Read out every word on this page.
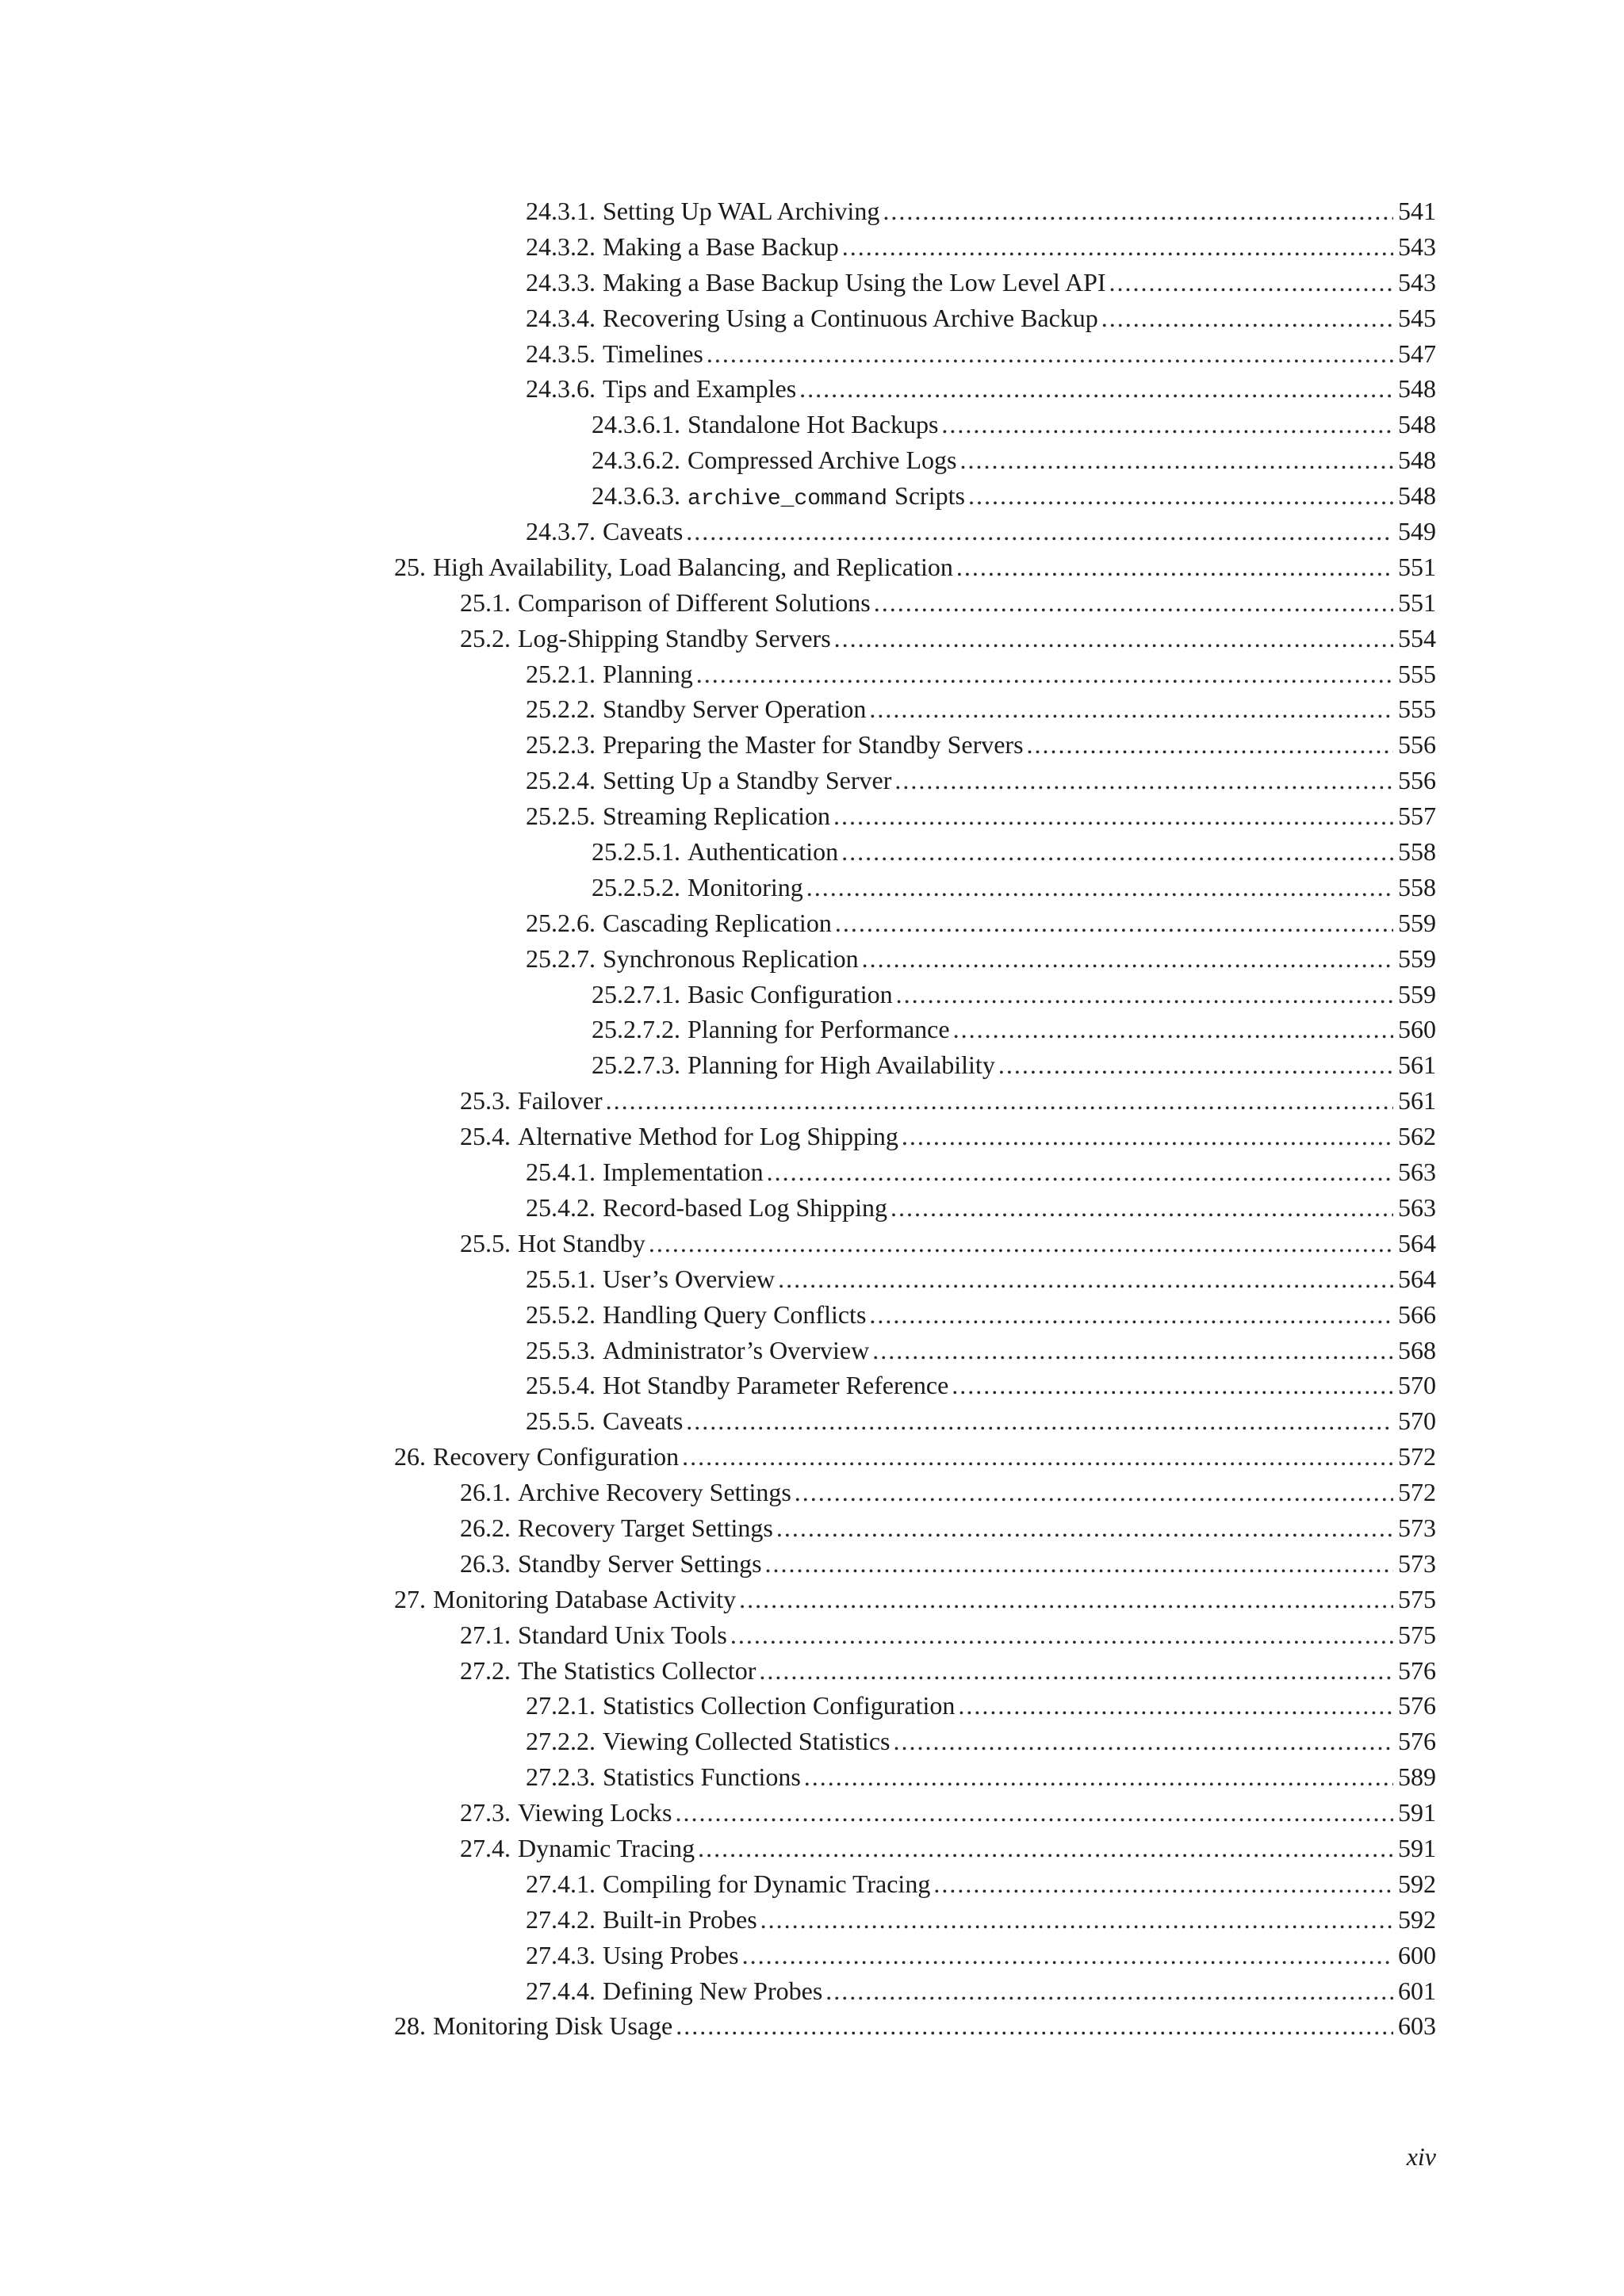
24.3.1. Setting Up WAL Archiving .....	541
24.3.2. Making a Base Backup .....	543
24.3.3. Making a Base Backup Using the Low Level API .....	543
24.3.4. Recovering Using a Continuous Archive Backup .....	545
24.3.5. Timelines .....	547
24.3.6. Tips and Examples .....	548
24.3.6.1. Standalone Hot Backups .....	548
24.3.6.2. Compressed Archive Logs .....	548
24.3.6.3. archive_command Scripts .....	548
24.3.7. Caveats .....	549
25. High Availability, Load Balancing, and Replication .....	551
25.1. Comparison of Different Solutions .....	551
25.2. Log-Shipping Standby Servers .....	554
25.2.1. Planning .....	555
25.2.2. Standby Server Operation .....	555
25.2.3. Preparing the Master for Standby Servers .....	556
25.2.4. Setting Up a Standby Server .....	556
25.2.5. Streaming Replication .....	557
25.2.5.1. Authentication .....	558
25.2.5.2. Monitoring .....	558
25.2.6. Cascading Replication .....	559
25.2.7. Synchronous Replication .....	559
25.2.7.1. Basic Configuration .....	559
25.2.7.2. Planning for Performance .....	560
25.2.7.3. Planning for High Availability .....	561
25.3. Failover .....	561
25.4. Alternative Method for Log Shipping .....	562
25.4.1. Implementation .....	563
25.4.2. Record-based Log Shipping .....	563
25.5. Hot Standby .....	564
25.5.1. User’s Overview .....	564
25.5.2. Handling Query Conflicts .....	566
25.5.3. Administrator’s Overview .....	568
25.5.4. Hot Standby Parameter Reference .....	570
25.5.5. Caveats .....	570
26. Recovery Configuration .....	572
26.1. Archive Recovery Settings .....	572
26.2. Recovery Target Settings .....	573
26.3. Standby Server Settings .....	573
27. Monitoring Database Activity .....	575
27.1. Standard Unix Tools .....	575
27.2. The Statistics Collector .....	576
27.2.1. Statistics Collection Configuration .....	576
27.2.2. Viewing Collected Statistics .....	576
27.2.3. Statistics Functions .....	589
27.3. Viewing Locks .....	591
27.4. Dynamic Tracing .....	591
27.4.1. Compiling for Dynamic Tracing .....	592
27.4.2. Built-in Probes .....	592
27.4.3. Using Probes .....	600
27.4.4. Defining New Probes .....	601
28. Monitoring Disk Usage .....	603
xiv
